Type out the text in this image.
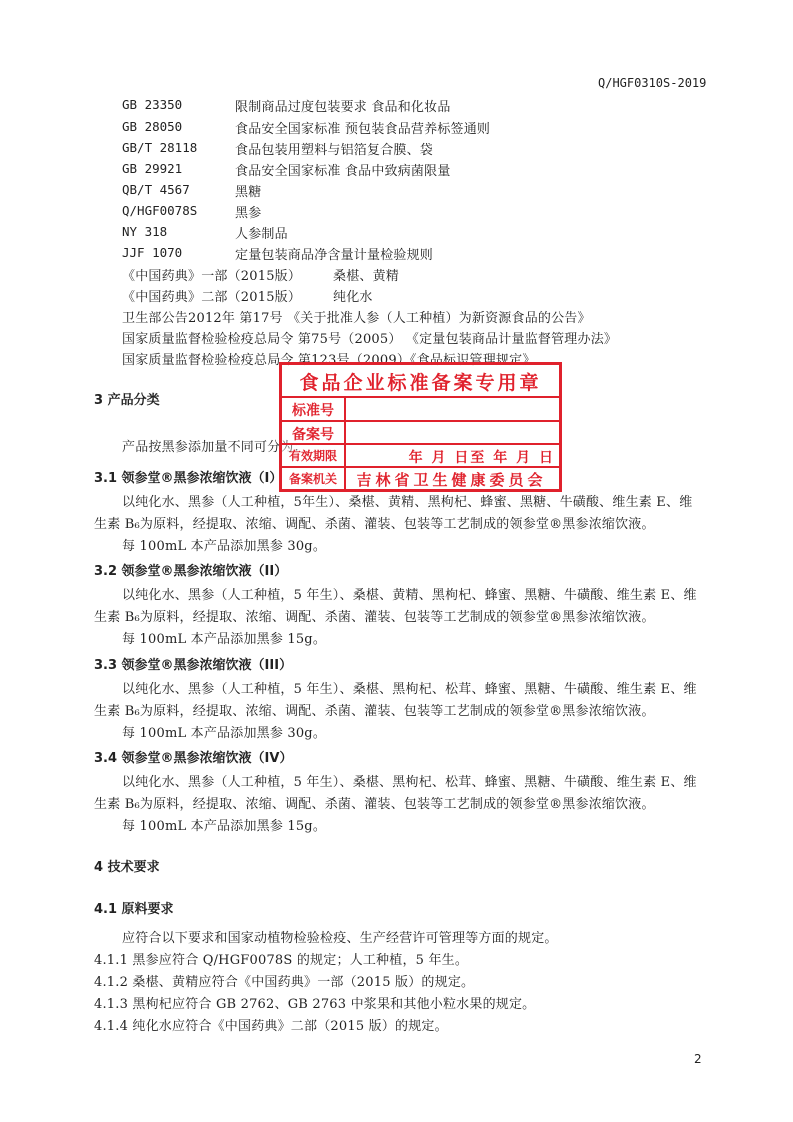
Q/HGF0310S-2019
GB 23350	限制商品过度包装要求 食品和化妆品
GB 28050	食品安全国家标准 预包装食品营养标签通则
GB/T 28118	食品包装用塑料与铝箔复合膜、袋
GB 29921	食品安全国家标准 食品中致病菌限量
QB/T 4567	黑糖
Q/HGF0078S	黑参
NY 318	人参制品
JJF 1070	定量包装商品净含量计量检验规则
《中国药典》一部（2015版） 桑椹、黄精
《中国药典》二部（2015版） 纯化水
卫生部公告2012年 第17号 《关于批准人参（人工种植）为新资源食品的公告》
国家质量监督检验检疫总局令 第75号（2005） 《定量包装商品计量监督管理办法》
国家质量监督检验检疫总局令 第123号（2009）《食品标识管理规定》
3 产品分类
产品按黑参添加量不同可分为：
3.1 领参堂®黑参浓缩饮液（I）
以纯化水、黑参（人工种植，5年生）、桑椹、黄精、黑枸杞、蜂蜜、黑糖、牛磺酸、维生素 E、维
生素 B₆为原料，经提取、浓缩、调配、杀菌、灌装、包装等工艺制成的领参堂®黑参浓缩饮液。
每 100mL 本产品添加黑参 30g。
3.2 领参堂®黑参浓缩饮液（II）
以纯化水、黑参（人工种植，5 年生）、桑椹、黄精、黑枸杞、蜂蜜、黑糖、牛磺酸、维生素 E、维
生素 B₆为原料，经提取、浓缩、调配、杀菌、灌装、包装等工艺制成的领参堂®黑参浓缩饮液。
每 100mL 本产品添加黑参 15g。
3.3 领参堂®黑参浓缩饮液（III）
以纯化水、黑参（人工种植，5 年生）、桑椹、黑枸杞、松茸、蜂蜜、黑糖、牛磺酸、维生素 E、维
生素 B₆为原料，经提取、浓缩、调配、杀菌、灌装、包装等工艺制成的领参堂®黑参浓缩饮液。
每 100mL 本产品添加黑参 30g。
3.4 领参堂®黑参浓缩饮液（IV）
以纯化水、黑参（人工种植，5 年生）、桑椹、黑枸杞、松茸、蜂蜜、黑糖、牛磺酸、维生素 E、维
生素 B₆为原料，经提取、浓缩、调配、杀菌、灌装、包装等工艺制成的领参堂®黑参浓缩饮液。
每 100mL 本产品添加黑参 15g。
4 技术要求
4.1 原料要求
应符合以下要求和国家动植物检验检疫、生产经营许可管理等方面的规定。
4.1.1 黑参应符合 Q/HGF0078S 的规定；人工种植，5 年生。
4.1.2 桑椹、黄精应符合《中国药典》一部（2015 版）的规定。
4.1.3 黑枸杞应符合 GB 2762、GB 2763 中浆果和其他小粒水果的规定。
4.1.4 纯化水应符合《中国药典》二部（2015 版）的规定。
食品企业标准备案专用章
标准号
备案号
有效期限	年 月 日至 年 月 日
备案机关	吉林省卫生健康委员会
2
